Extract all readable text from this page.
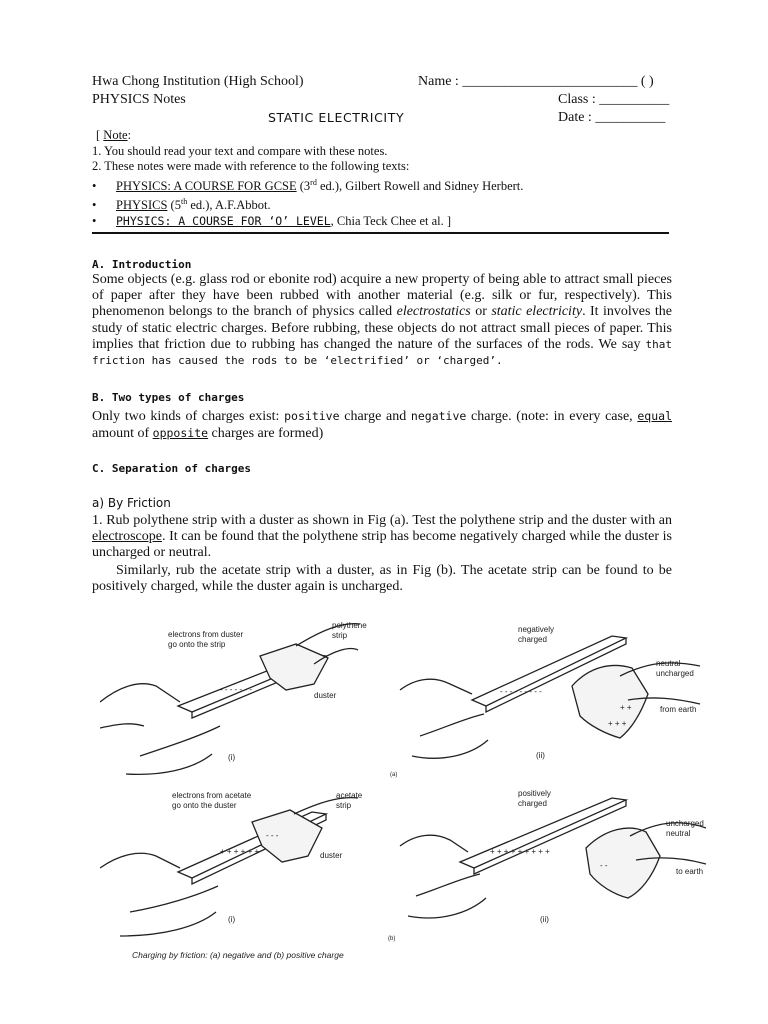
Hwa Chong Institution (High School)	Name : _________________________ ( )
PHYSICS Notes	Class : __________
STATIC ELECTRICITY	Date : __________
[ Note:
1. You should read your text and compare with these notes.
2. These notes were made with reference to the following texts:
• PHYSICS: A COURSE FOR GCSE (3rd ed.), Gilbert Rowell and Sidney Herbert.
• PHYSICS (5th ed.), A.F.Abbot.
• PHYSICS: A COURSE FOR ‘O’ LEVEL, Chia Teck Chee et al. ]
A. Introduction
Some objects (e.g. glass rod or ebonite rod) acquire a new property of being able to attract small pieces of paper after they have been rubbed with another material (e.g. silk or fur, respectively). This phenomenon belongs to the branch of physics called electrostatics or static electricity. It involves the study of static electric charges. Before rubbing, these objects do not attract small pieces of paper. This implies that friction due to rubbing has changed the nature of the surfaces of the rods. We say that friction has caused the rods to be ‘electrified’ or ‘charged’.
B. Two types of charges
Only two kinds of charges exist: positive charge and negative charge. (note: in every case, equal amount of opposite charges are formed)
C. Separation of charges
a) By Friction
1. Rub polythene strip with a duster as shown in Fig (a). Test the polythene strip and the duster with an electroscope. It can be found that the polythene strip has become negatively charged while the duster is uncharged or neutral.
Similarly, rub the acetate strip with a duster, as in Fig (b). The acetate strip can be found to be positively charged, while the duster again is uncharged.
- - - - - - -	- - - - - - - - -
+ +
+ + +
+ + + + + +
- - -
+ + + + + + + + +
- -
electrons from duster
go onto the strip
polythene
strip
duster
(i)
negatively
charged
neutral
uncharged
from earth
(ii)
(a)
electrons from acetate
go onto the duster
acetate
strip
duster
(i)
positively
charged
uncharged
neutral
to earth
(ii)
(b)
Charging by friction: (a) negative and (b) positive charge
